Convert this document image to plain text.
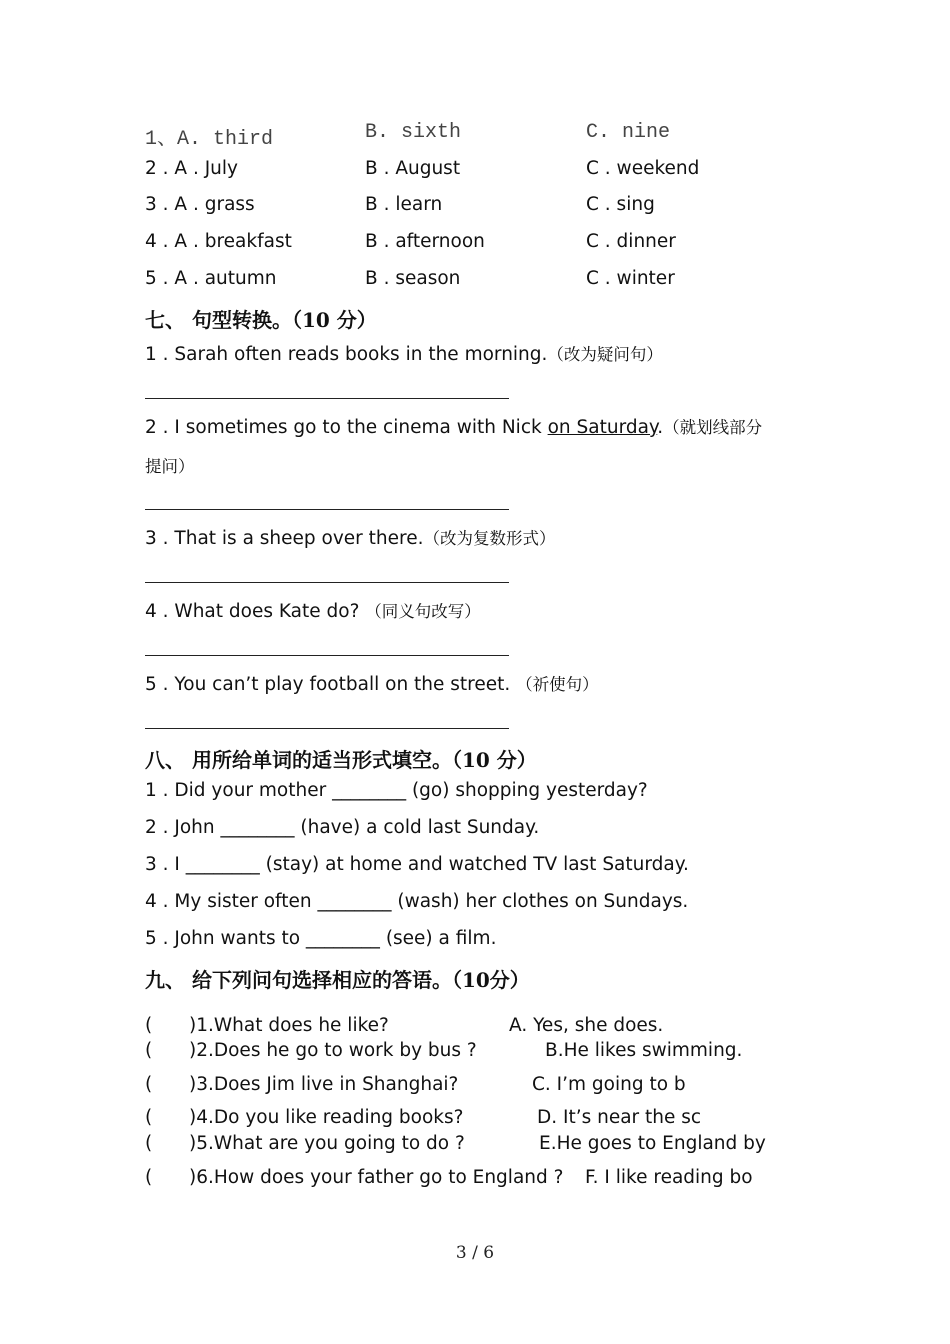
1、A. third	B. sixth	C. nine
2 . A . July	B . August	C . weekend
3 . A . grass	B . learn	C . sing
4 . A . breakfast	B . afternoon	C . dinner
5 . A . autumn	B . season	C . winter
七、 句型转换。（10 分）
1 . Sarah often reads books in the morning.（改为疑问句）
2 . I sometimes go to the cinema with Nick on Saturday.（就划线部分
提问）
3 . That is a sheep over there.（改为复数形式）
4 . What does Kate do? （同义句改写）
5 . You can’t play football on the street. （祈使句）
八、 用所给单词的适当形式填空。（10 分）
1 . Did your mother ________ (go) shopping yesterday?
2 . John ________ (have) a cold last Sunday.
3 . I ________ (stay) at home and watched TV last Saturday.
4 . My sister often ________ (wash) her clothes on Sundays.
5 . John wants to ________ (see) a film.
九、 给下列问句选择相应的答语。（10分）
( )1.What does he like?	A. Yes, she does.
( )2.Does he go to work by bus ?	B.He likes swimming.
( )3.Does Jim live in Shanghai?	C. I’m going to b
( )4.Do you like reading books?	D. It’s near the sc
( )5.What are you going to do ?	E.He goes to England by
( )6.How does your father go to England ? F. I like reading bo
3 / 6
